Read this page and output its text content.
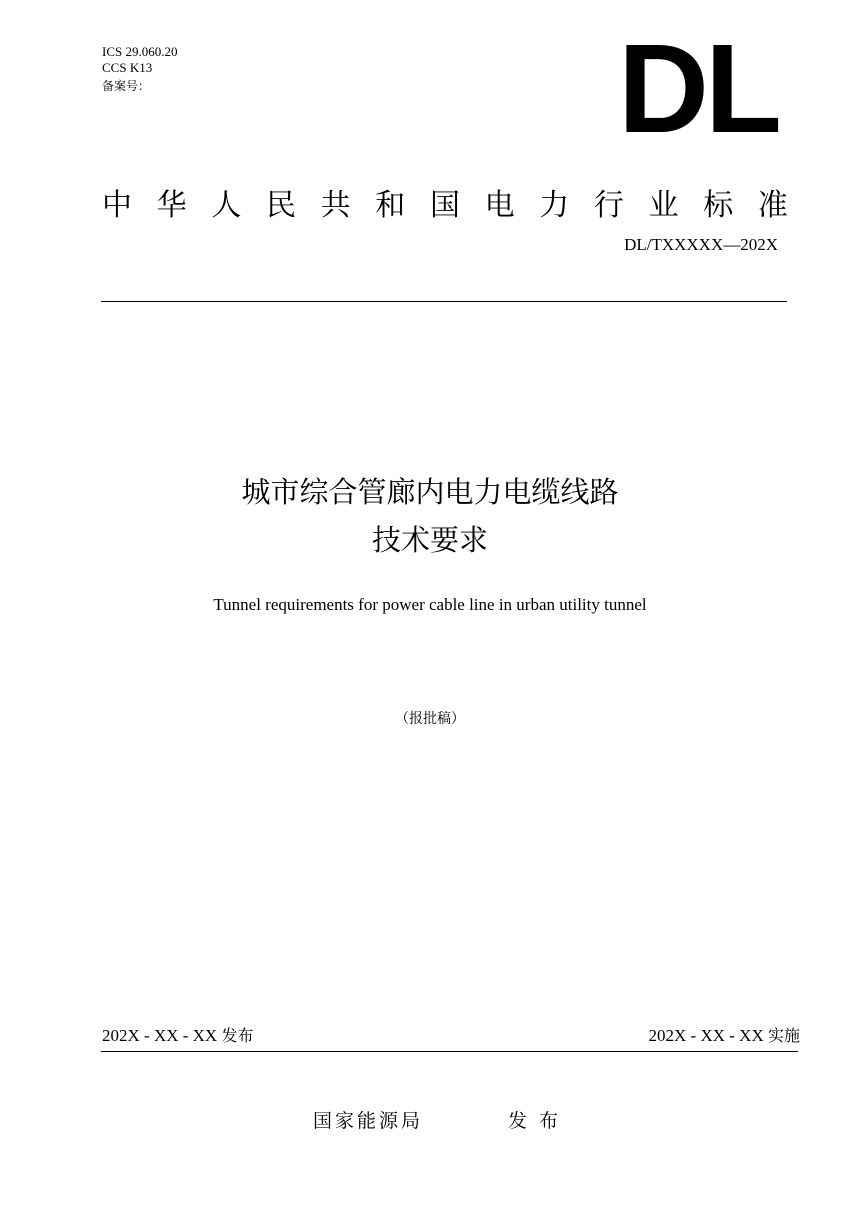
ICS 29.060.20
CCS K13
备案号：	DL
中 华 人 民 共 和 国 电 力 行 业 标 准
DL/TXXXXX—202X
城市综合管廊内电力电缆线路
技术要求
Tunnel requirements for power cable line in urban utility tunnel
（报批稿）
202X - XX - XX 发布	202X - XX - XX 实施
国家能源局	发布
